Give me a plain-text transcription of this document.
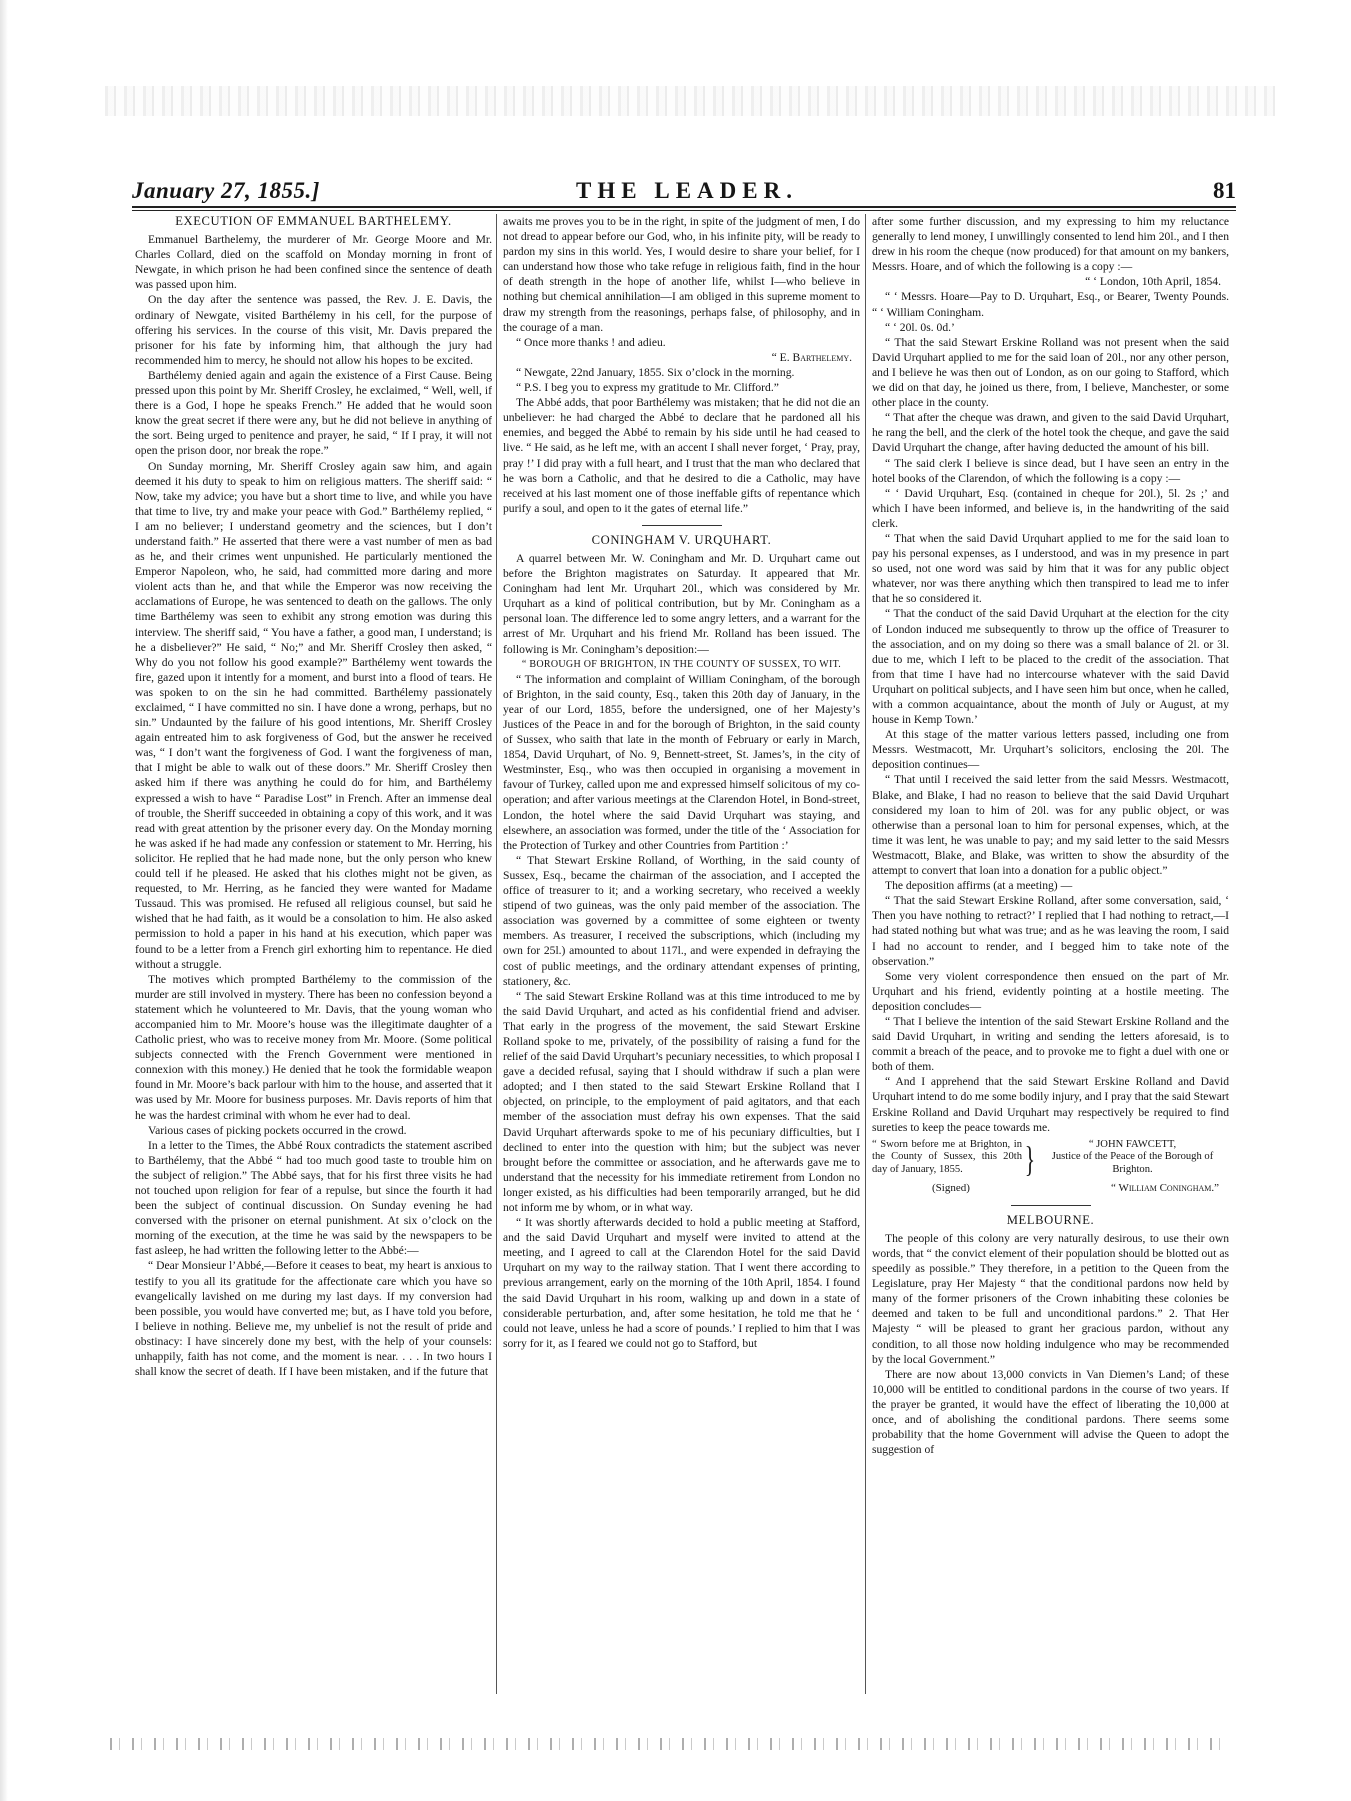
January 27, 1855.]	THE LEADER.	81
EXECUTION OF EMMANUEL BARTHELEMY.

Emmanuel Barthelemy, the murderer of Mr. George Moore and Mr. Charles Collard, died on the scaffold on Monday morning in front of Newgate, in which prison he had been confined since the sentence of death was passed upon him.

On the day after the sentence was passed, the Rev. J. E. Davis, the ordinary of Newgate, visited Barthélemy in his cell, for the purpose of offering his services. In the course of this visit, Mr. Davis prepared the prisoner for his fate by informing him, that although the jury had recommended him to mercy, he should not allow his hopes to be excited.

Barthélemy denied again and again the existence of a First Cause. Being pressed upon this point by Mr. Sheriff Crosley, he exclaimed, “ Well, well, if there is a God, I hope he speaks French.” He added that he would soon know the great secret if there were any, but he did not believe in anything of the sort. Being urged to penitence and prayer, he said, “ If I pray, it will not open the prison door, nor break the rope.”

On Sunday morning, Mr. Sheriff Crosley again saw him, and again deemed it his duty to speak to him on religious matters. The sheriff said: “ Now, take my advice; you have but a short time to live, and while you have that time to live, try and make your peace with God.” Barthélemy replied, “ I am no believer; I understand geometry and the sciences, but I don’t understand faith.” He asserted that there were a vast number of men as bad as he, and their crimes went unpunished. He particularly mentioned the Emperor Napoleon, who, he said, had committed more daring and more violent acts than he, and that while the Emperor was now receiving the acclamations of Europe, he was sentenced to death on the gallows. The only time Barthélemy was seen to exhibit any strong emotion was during this interview. The sheriff said, “ You have a father, a good man, I understand; is he a disbeliever?” He said, “ No;” and Mr. Sheriff Crosley then asked, “ Why do you not follow his good example?” Barthélemy went towards the fire, gazed upon it intently for a moment, and burst into a flood of tears. He was spoken to on the sin he had committed. Barthélemy passionately exclaimed, “ I have committed no sin. I have done a wrong, perhaps, but no sin.” Undaunted by the failure of his good intentions, Mr. Sheriff Crosley again entreated him to ask forgiveness of God, but the answer he received was, “ I don’t want the forgiveness of God. I want the forgiveness of man, that I might be able to walk out of these doors.” Mr. Sheriff Crosley then asked him if there was anything he could do for him, and Barthélemy expressed a wish to have “ Paradise Lost” in French. After an immense deal of trouble, the Sheriff succeeded in obtaining a copy of this work, and it was read with great attention by the prisoner every day. On the Monday morning he was asked if he had made any confession or statement to Mr. Herring, his solicitor. He replied that he had made none, but the only person who knew could tell if he pleased. He asked that his clothes might not be given, as requested, to Mr. Herring, as he fancied they were wanted for Madame Tussaud. This was promised. He refused all religious counsel, but said he wished that he had faith, as it would be a consolation to him. He also asked permission to hold a paper in his hand at his execution, which paper was found to be a letter from a French girl exhorting him to repentance. He died without a struggle.

The motives which prompted Barthélemy to the commission of the murder are still involved in mystery. There has been no confession beyond a statement which he volunteered to Mr. Davis, that the young woman who accompanied him to Mr. Moore’s house was the illegitimate daughter of a Catholic priest, who was to receive money from Mr. Moore. (Some political subjects connected with the French Government were mentioned in connexion with this money.) He denied that he took the formidable weapon found in Mr. Moore’s back parlour with him to the house, and asserted that it was used by Mr. Moore for business purposes. Mr. Davis reports of him that he was the hardest criminal with whom he ever had to deal.

Various cases of picking pockets occurred in the crowd.

In a letter to the Times, the Abbé Roux contradicts the statement ascribed to Barthélemy, that the Abbé “ had too much good taste to trouble him on the subject of religion.” The Abbé says, that for his first three visits he had not touched upon religion for fear of a repulse, but since the fourth it had been the subject of continual discussion. On Sunday evening he had conversed with the prisoner on eternal punishment. At six o’clock on the morning of the execution, at the time he was said by the newspapers to be fast asleep, he had written the following letter to the Abbé:—

“ Dear Monsieur l’Abbé,—Before it ceases to beat, my heart is anxious to testify to you all its gratitude for the affectionate care which you have so evangelically lavished on me during my last days. If my conversion had been possible, you would have converted me; but, as I have told you before, I believe in nothing. Believe me, my unbelief is not the result of pride and obstinacy: I have sincerely done my best, with the help of your counsels: unhappily, faith has not come, and the moment is near. . . . In two hours I shall know the secret of death. If I have been mistaken, and if the future that

awaits me proves you to be in the right, in spite of the judgment of men, I do not dread to appear before our God, who, in his infinite pity, will be ready to pardon my sins in this world. Yes, I would desire to share your belief, for I can understand how those who take refuge in religious faith, find in the hour of death strength in the hope of another life, whilst I—who believe in nothing but chemical annihilation—I am obliged in this supreme moment to draw my strength from the reasonings, perhaps false, of philosophy, and in the courage of a man.

“ Once more thanks ! and adieu.

“ E. Barthelemy.

“ Newgate, 22nd January, 1855. Six o’clock in the morning.

“ P.S. I beg you to express my gratitude to Mr. Clifford.”

The Abbé adds, that poor Barthélemy was mistaken; that he did not die an unbeliever: he had charged the Abbé to declare that he pardoned all his enemies, and begged the Abbé to remain by his side until he had ceased to live. “ He said, as he left me, with an accent I shall never forget, ‘ Pray, pray, pray !’ I did pray with a full heart, and I trust that the man who declared that he was born a Catholic, and that he desired to die a Catholic, may have received at his last moment one of those ineffable gifts of repentance which purify a soul, and open to it the gates of eternal life.”

CONINGHAM V. URQUHART.

A quarrel between Mr. W. Coningham and Mr. D. Urquhart came out before the Brighton magistrates on Saturday. It appeared that Mr. Coningham had lent Mr. Urquhart 20l., which was considered by Mr. Urquhart as a kind of political contribution, but by Mr. Coningham as a personal loan. The difference led to some angry letters, and a warrant for the arrest of Mr. Urquhart and his friend Mr. Rolland has been issued. The following is Mr. Coningham’s deposition:—

“ BOROUGH OF BRIGHTON, IN THE COUNTY OF SUSSEX, TO WIT.

“ The information and complaint of William Coningham, of the borough of Brighton, in the said county, Esq., taken this 20th day of January, in the year of our Lord, 1855, before the undersigned, one of her Majesty’s Justices of the Peace in and for the borough of Brighton, in the said county of Sussex, who saith that late in the month of February or early in March, 1854, David Urquhart, of No. 9, Bennett-street, St. James’s, in the city of Westminster, Esq., who was then occupied in organising a movement in favour of Turkey, called upon me and expressed himself solicitous of my co-operation; and after various meetings at the Clarendon Hotel, in Bond-street, London, the hotel where the said David Urquhart was staying, and elsewhere, an association was formed, under the title of the ‘ Association for the Protection of Turkey and other Countries from Partition :’

“ That Stewart Erskine Rolland, of Worthing, in the said county of Sussex, Esq., became the chairman of the association, and I accepted the office of treasurer to it; and a working secretary, who received a weekly stipend of two guineas, was the only paid member of the association. The association was governed by a committee of some eighteen or twenty members. As treasurer, I received the subscriptions, which (including my own for 25l.) amounted to about 117l., and were expended in defraying the cost of public meetings, and the ordinary attendant expenses of printing, stationery, &c.

“ The said Stewart Erskine Rolland was at this time introduced to me by the said David Urquhart, and acted as his confidential friend and adviser. That early in the progress of the movement, the said Stewart Erskine Rolland spoke to me, privately, of the possibility of raising a fund for the relief of the said David Urquhart’s pecuniary necessities, to which proposal I gave a decided refusal, saying that I should withdraw if such a plan were adopted; and I then stated to the said Stewart Erskine Rolland that I objected, on principle, to the employment of paid agitators, and that each member of the association must defray his own expenses. That the said David Urquhart afterwards spoke to me of his pecuniary difficulties, but I declined to enter into the question with him; but the subject was never brought before the committee or association, and he afterwards gave me to understand that the necessity for his immediate retirement from London no longer existed, as his difficulties had been temporarily arranged, but he did not inform me by whom, or in what way.

“ It was shortly afterwards decided to hold a public meeting at Stafford, and the said David Urquhart and myself were invited to attend at the meeting, and I agreed to call at the Clarendon Hotel for the said David Urquhart on my way to the railway station. That I went there according to previous arrangement, early on the morning of the 10th April, 1854. I found the said David Urquhart in his room, walking up and down in a state of considerable perturbation, and, after some hesitation, he told me that he ‘ could not leave, unless he had a score of pounds.’ I replied to him that I was sorry for it, as I feared we could not go to Stafford, but

after some further discussion, and my expressing to him my reluctance generally to lend money, I unwillingly consented to lend him 20l., and I then drew in his room the cheque (now produced) for that amount on my bankers, Messrs. Hoare, and of which the following is a copy :—

“ ‘ London, 10th April, 1854.

“ ‘ Messrs. Hoare—Pay to D. Urquhart, Esq., or Bearer, Twenty Pounds. “ ‘ William Coningham.

“ ‘ 20l. 0s. 0d.’

“ That the said Stewart Erskine Rolland was not present when the said David Urquhart applied to me for the said loan of 20l., nor any other person, and I believe he was then out of London, as on our going to Stafford, which we did on that day, he joined us there, from, I believe, Manchester, or some other place in the county.

“ That after the cheque was drawn, and given to the said David Urquhart, he rang the bell, and the clerk of the hotel took the cheque, and gave the said David Urquhart the change, after having deducted the amount of his bill.

“ The said clerk I believe is since dead, but I have seen an entry in the hotel books of the Clarendon, of which the following is a copy :—

“ ‘ David Urquhart, Esq. (contained in cheque for 20l.), 5l. 2s ;’ and which I have been informed, and believe is, in the handwriting of the said clerk.

“ That when the said David Urquhart applied to me for the said loan to pay his personal expenses, as I understood, and was in my presence in part so used, not one word was said by him that it was for any public object whatever, nor was there anything which then transpired to lead me to infer that he so considered it.

“ That the conduct of the said David Urquhart at the election for the city of London induced me subsequently to throw up the office of Treasurer to the association, and on my doing so there was a small balance of 2l. or 3l. due to me, which I left to be placed to the credit of the association. That from that time I have had no intercourse whatever with the said David Urquhart on political subjects, and I have seen him but once, when he called, with a common acquaintance, about the month of July or August, at my house in Kemp Town.’

At this stage of the matter various letters passed, including one from Messrs. Westmacott, Mr. Urquhart’s solicitors, enclosing the 20l. The deposition continues—

“ That until I received the said letter from the said Messrs. Westmacott, Blake, and Blake, I had no reason to believe that the said David Urquhart considered my loan to him of 20l. was for any public object, or was otherwise than a personal loan to him for personal expenses, which, at the time it was lent, he was unable to pay; and my said letter to the said Messrs Westmacott, Blake, and Blake, was written to show the absurdity of the attempt to convert that loan into a donation for a public object.”

The deposition affirms (at a meeting) —

“ That the said Stewart Erskine Rolland, after some conversation, said, ‘ Then you have nothing to retract?’ I replied that I had nothing to retract,—I had stated nothing but what was true; and as he was leaving the room, I said I had no account to render, and I begged him to take note of the observation.”

Some very violent correspondence then ensued on the part of Mr. Urquhart and his friend, evidently pointing at a hostile meeting. The deposition concludes—

“ That I believe the intention of the said Stewart Erskine Rolland and the said David Urquhart, in writing and sending the letters aforesaid, is to commit a breach of the peace, and to provoke me to fight a duel with one or both of them.

“ And I apprehend that the said Stewart Erskine Rolland and David Urquhart intend to do me some bodily injury, and I pray that the said Stewart Erskine Rolland and David Urquhart may respectively be required to find sureties to keep the peace towards me.

“ Sworn before me at Brighton, in the County of Sussex, this 20th day of January, 1855.	}	“ JOHN FAWCETT,
Justice of the Peace of the Borough of Brighton.
(Signed)	“ William Coningham.”
MELBOURNE.

The people of this colony are very naturally desirous, to use their own words, that “ the convict element of their population should be blotted out as speedily as possible.” They therefore, in a petition to the Queen from the Legislature, pray Her Majesty “ that the conditional pardons now held by many of the former prisoners of the Crown inhabiting these colonies be deemed and taken to be full and unconditional pardons.” 2. That Her Majesty “ will be pleased to grant her gracious pardon, without any condition, to all those now holding indulgence who may be recommended by the local Government.”

There are now about 13,000 convicts in Van Diemen’s Land; of these 10,000 will be entitled to conditional pardons in the course of two years. If the prayer be granted, it would have the effect of liberating the 10,000 at once, and of abolishing the conditional pardons. There seems some probability that the home Government will advise the Queen to adopt the suggestion of
